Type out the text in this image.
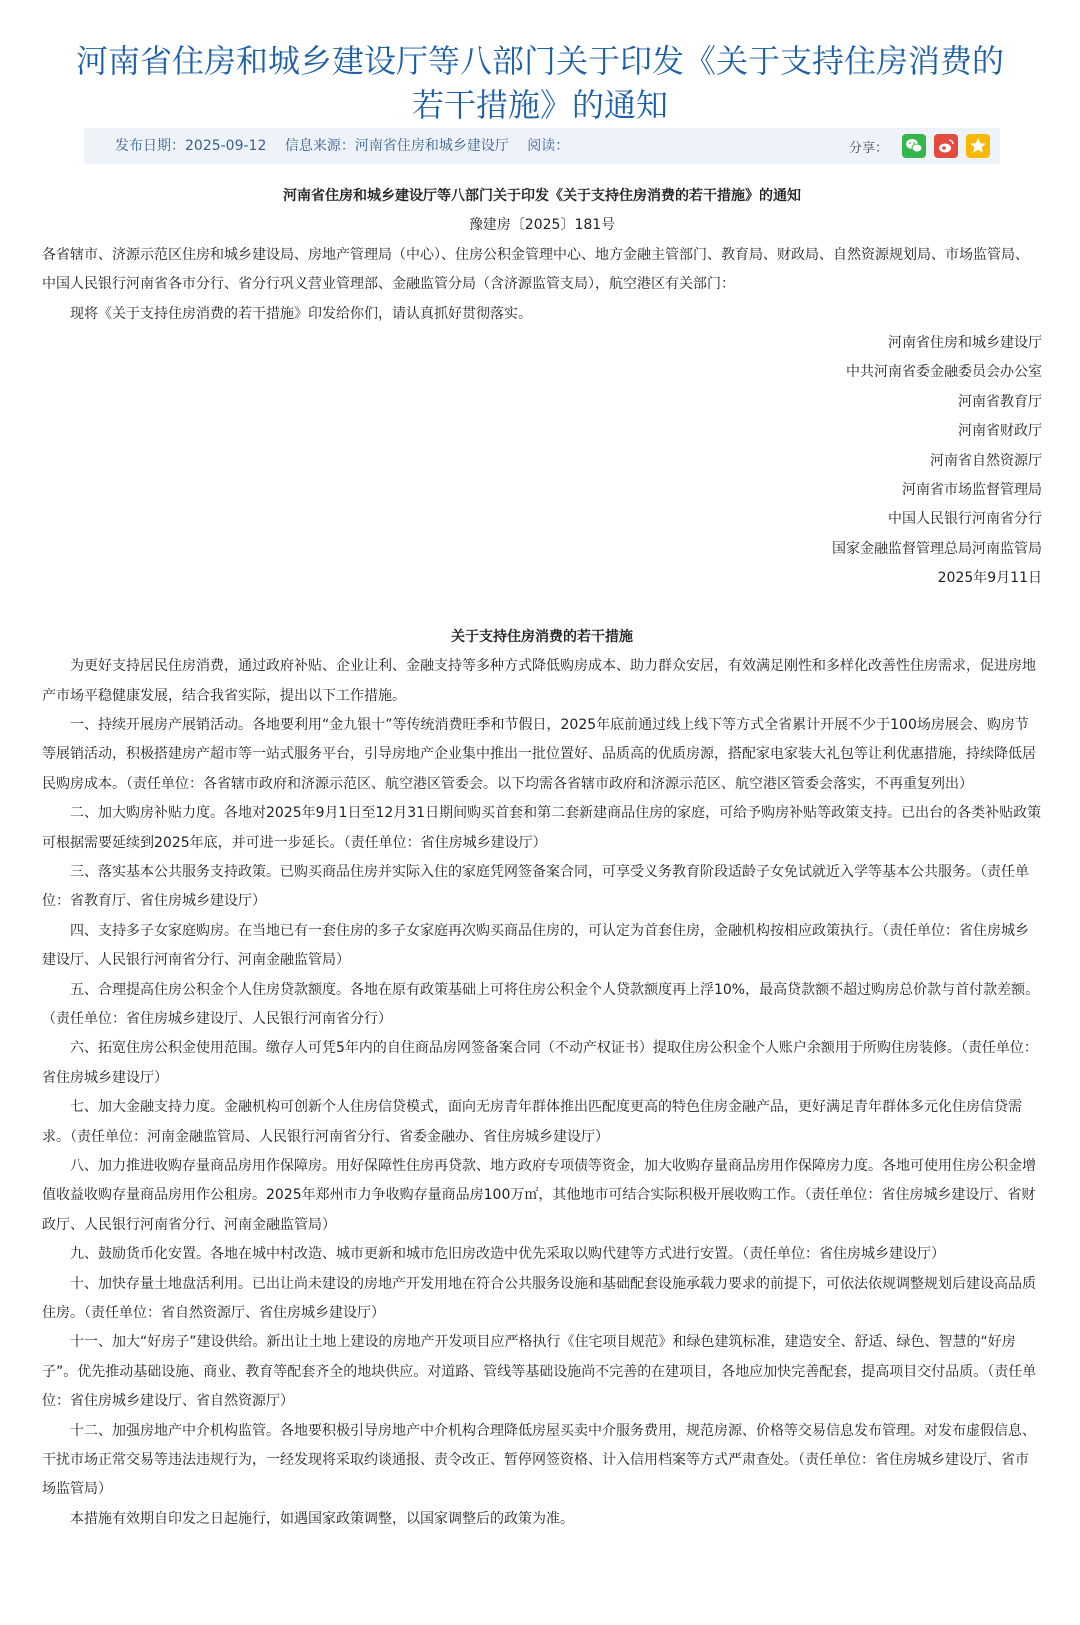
河南省住房和城乡建设厅等八部门关于印发《关于支持住房消费的
若干措施》的通知
发布日期：2025-09-12 信息来源：河南省住房和城乡建设厅 阅读：	分享：

河南省住房和城乡建设厅等八部门关于印发《关于支持住房消费的若干措施》的通知

豫建房〔2025〕181号

各省辖市、济源示范区住房和城乡建设局、房地产管理局（中心）、住房公积金管理中心、地方金融主管部门、教育局、财政局、自然资源规划局、市场监管局、中国人民银行河南省各市分行、省分行巩义营业管理部、金融监管分局（含济源监管支局），航空港区有关部门：

现将《关于支持住房消费的若干措施》印发给你们，请认真抓好贯彻落实。

河南省住房和城乡建设厅

中共河南省委金融委员会办公室

河南省教育厅

河南省财政厅

河南省自然资源厅

河南省市场监督管理局

中国人民银行河南省分行

国家金融监督管理总局河南监管局

2025年9月11日

关于支持住房消费的若干措施

为更好支持居民住房消费，通过政府补贴、企业让利、金融支持等多种方式降低购房成本、助力群众安居，有效满足刚性和多样化改善性住房需求，促进房地产市场平稳健康发展，结合我省实际，提出以下工作措施。

一、持续开展房产展销活动。各地要利用“金九银十”等传统消费旺季和节假日，2025年底前通过线上线下等方式全省累计开展不少于100场房展会、购房节等展销活动，积极搭建房产超市等一站式服务平台，引导房地产企业集中推出一批位置好、品质高的优质房源，搭配家电家装大礼包等让利优惠措施，持续降低居民购房成本。（责任单位：各省辖市政府和济源示范区、航空港区管委会。以下均需各省辖市政府和济源示范区、航空港区管委会落实，不再重复列出）

二、加大购房补贴力度。各地对2025年9月1日至12月31日期间购买首套和第二套新建商品住房的家庭，可给予购房补贴等政策支持。已出台的各类补贴政策可根据需要延续到2025年底，并可进一步延长。（责任单位：省住房城乡建设厅）

三、落实基本公共服务支持政策。已购买商品住房并实际入住的家庭凭网签备案合同，可享受义务教育阶段适龄子女免试就近入学等基本公共服务。（责任单位：省教育厅、省住房城乡建设厅）

四、支持多子女家庭购房。在当地已有一套住房的多子女家庭再次购买商品住房的，可认定为首套住房，金融机构按相应政策执行。（责任单位：省住房城乡建设厅、人民银行河南省分行、河南金融监管局）

五、合理提高住房公积金个人住房贷款额度。各地在原有政策基础上可将住房公积金个人贷款额度再上浮10%，最高贷款额不超过购房总价款与首付款差额。（责任单位：省住房城乡建设厅、人民银行河南省分行）

六、拓宽住房公积金使用范围。缴存人可凭5年内的自住商品房网签备案合同（不动产权证书）提取住房公积金个人账户余额用于所购住房装修。（责任单位：省住房城乡建设厅）

七、加大金融支持力度。金融机构可创新个人住房信贷模式，面向无房青年群体推出匹配度更高的特色住房金融产品，更好满足青年群体多元化住房信贷需求。（责任单位：河南金融监管局、人民银行河南省分行、省委金融办、省住房城乡建设厅）

八、加力推进收购存量商品房用作保障房。用好保障性住房再贷款、地方政府专项债等资金，加大收购存量商品房用作保障房力度。各地可使用住房公积金增值收益收购存量商品房用作公租房。2025年郑州市力争收购存量商品房100万㎡，其他地市可结合实际积极开展收购工作。（责任单位：省住房城乡建设厅、省财政厅、人民银行河南省分行、河南金融监管局）

九、鼓励货币化安置。各地在城中村改造、城市更新和城市危旧房改造中优先采取以购代建等方式进行安置。（责任单位：省住房城乡建设厅）

十、加快存量土地盘活利用。已出让尚未建设的房地产开发用地在符合公共服务设施和基础配套设施承载力要求的前提下，可依法依规调整规划后建设高品质住房。（责任单位：省自然资源厅、省住房城乡建设厅）

十一、加大“好房子”建设供给。新出让土地上建设的房地产开发项目应严格执行《住宅项目规范》和绿色建筑标准，建造安全、舒适、绿色、智慧的“好房子”。优先推动基础设施、商业、教育等配套齐全的地块供应。对道路、管线等基础设施尚不完善的在建项目，各地应加快完善配套，提高项目交付品质。（责任单位：省住房城乡建设厅、省自然资源厅）

十二、加强房地产中介机构监管。各地要积极引导房地产中介机构合理降低房屋买卖中介服务费用，规范房源、价格等交易信息发布管理。对发布虚假信息、干扰市场正常交易等违法违规行为，一经发现将采取约谈通报、责令改正、暂停网签资格、计入信用档案等方式严肃查处。（责任单位：省住房城乡建设厅、省市场监管局）

本措施有效期自印发之日起施行，如遇国家政策调整，以国家调整后的政策为准。
